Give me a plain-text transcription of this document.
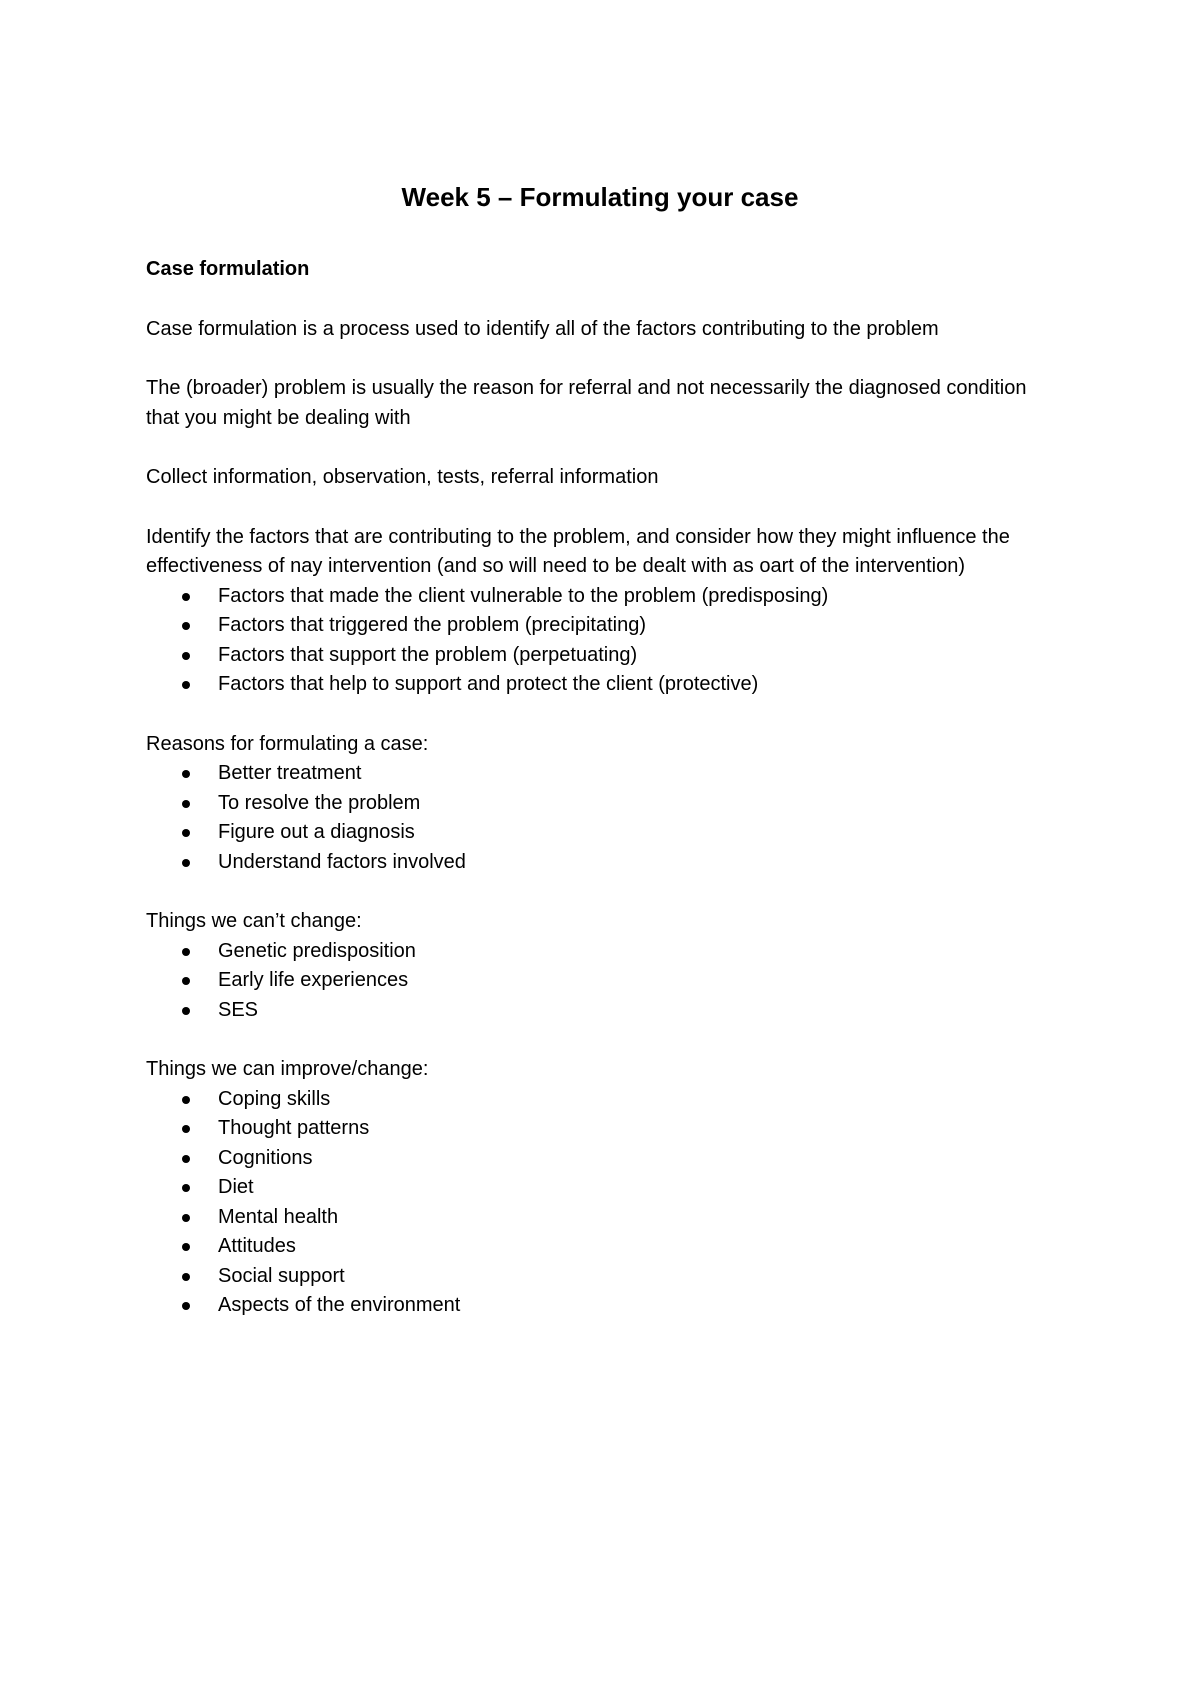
Week 5 – Formulating your case

Case formulation

Case formulation is a process used to identify all of the factors contributing to the problem

The (broader) problem is usually the reason for referral and not necessarily the diagnosed condition that you might be dealing with

Collect information, observation, tests, referral information

Identify the factors that are contributing to the problem, and consider how they might influence the effectiveness of nay intervention (and so will need to be dealt with as oart of the intervention)

Factors that made the client vulnerable to the problem (predisposing)
Factors that triggered the problem (precipitating)
Factors that support the problem (perpetuating)
Factors that help to support and protect the client (protective)

Reasons for formulating a case:

Better treatment
To resolve the problem
Figure out a diagnosis
Understand factors involved

Things we can’t change:

Genetic predisposition
Early life experiences
SES

Things we can improve/change:

Coping skills
Thought patterns
Cognitions
Diet
Mental health
Attitudes
Social support
Aspects of the environment
